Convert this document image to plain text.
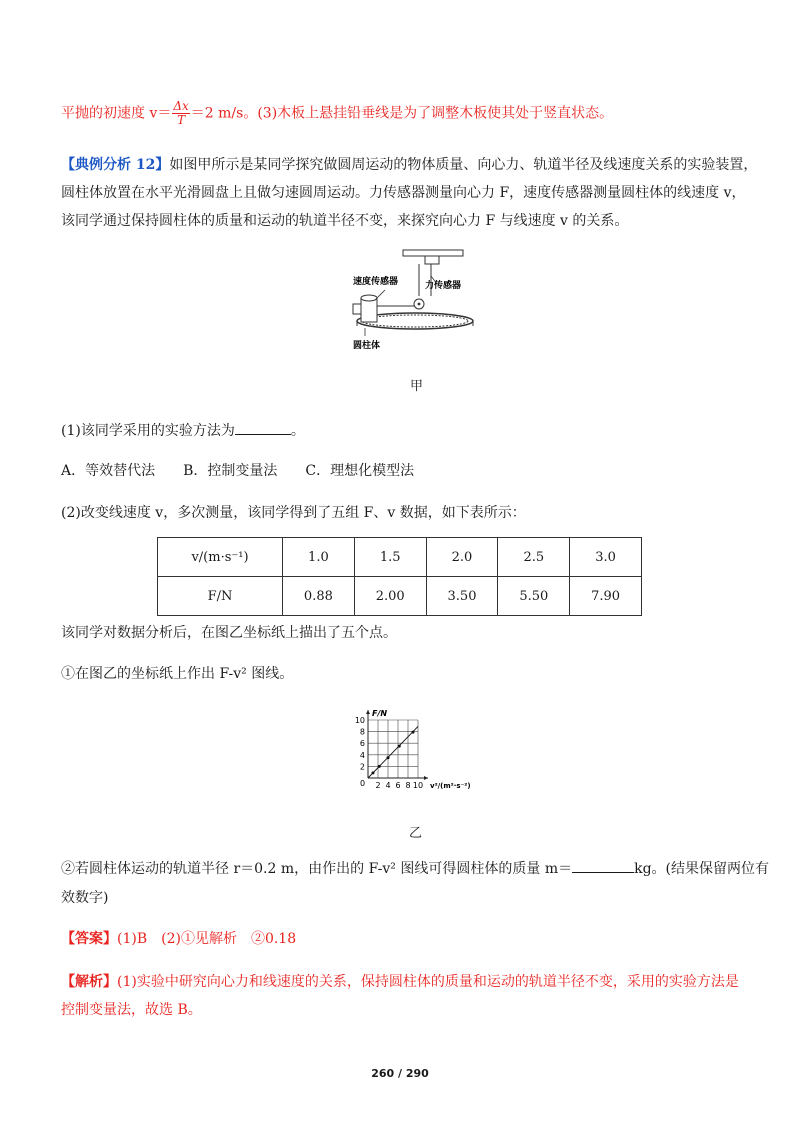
平抛的初速度 $v= \frac{\Delta x}{T} =2$ m/s。(3)木板上悬挂铅垂线是为了调整木板使其处于竖直状态。
【典例分析 12】如图甲所示是某同学探究做圆周运动的物体质量、向心力、轨道半径及线速度关系的实验装置，
圆柱体放置在水平光滑圆盘上且做匀速圆周运动。力传感器测量向心力 F，速度传感器测量圆柱体的线速度 v，
该同学通过保持圆柱体的质量和运动的轨道半径不变，来探究向心力 F 与线速度 v 的关系。
速度传感器	力传感器
圆柱体
甲
(1)该同学采用的实验方法为	。
A．等效替代法　　B．控制变量法　　C．理想化模型法
(2)改变线速度 v，多次测量，该同学得到了五组 F、v 数据，如下表所示：
v/(m·s⁻¹)	1.0	1.5	2.0	2.5	3.0
F/N	0.88	2.00	3.50	5.50	7.90
该同学对数据分析后，在图乙坐标纸上描出了五个点。
①在图乙的坐标纸上作出 F-v² 图线。
2 4 6 8 10
2
4
6
8
10
F/N
v²/(m²·s⁻²)
0
乙
②若圆柱体运动的轨道半径 r＝0.2 m，由作出的 F-v² 图线可得圆柱体的质量 m＝	kg。(结果保留两位有
效数字)
【答案】(1)B　(2)①见解析　②0.18
【解析】(1)实验中研究向心力和线速度的关系，保持圆柱体的质量和运动的轨道半径不变，采用的实验方法是
控制变量法，故选 B。
260 / 290
